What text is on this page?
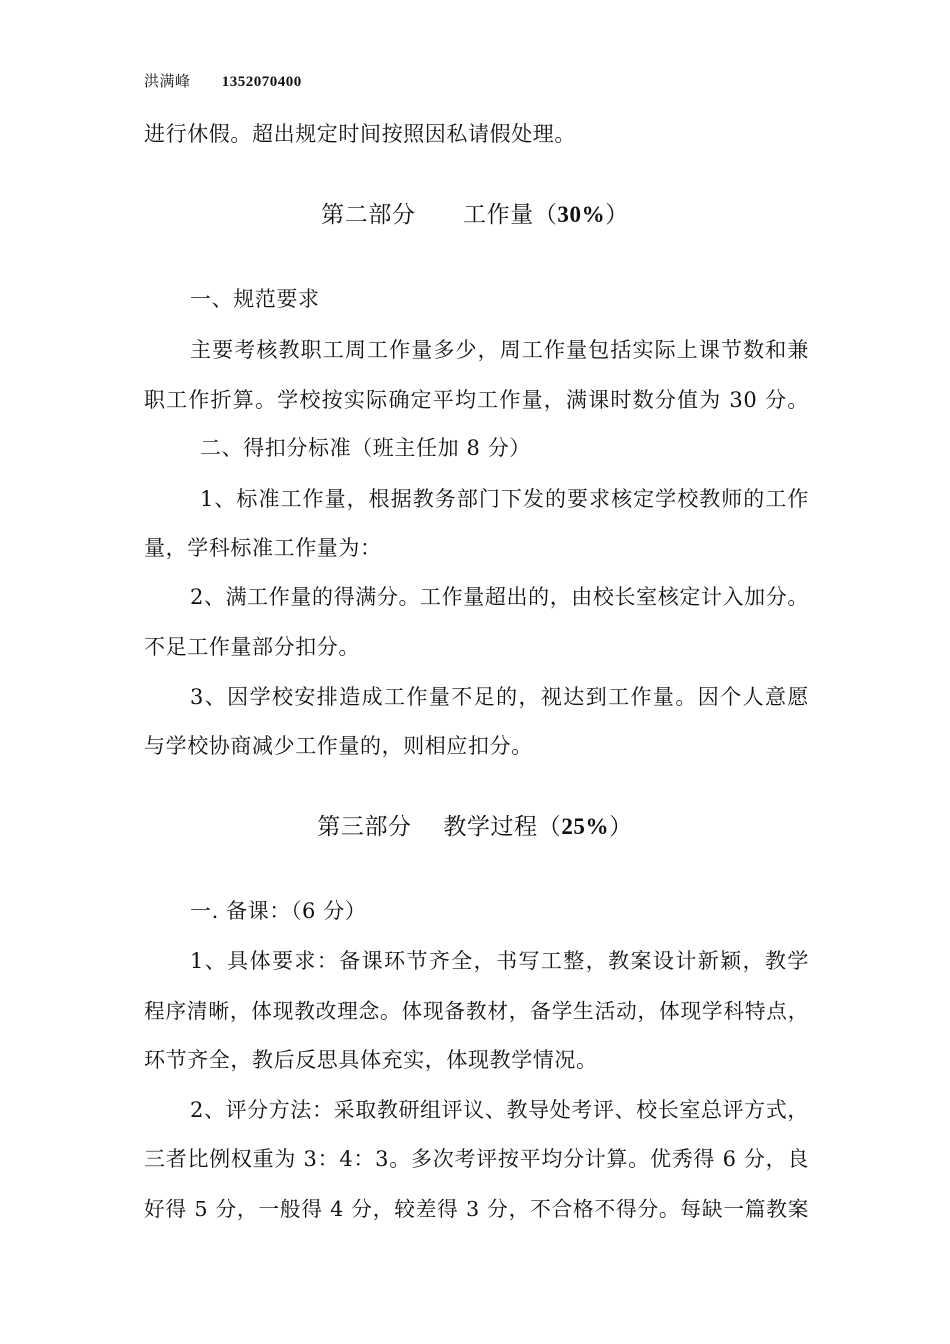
洪满峰 1352070400
进行休假。超出规定时间按照因私请假处理。
第二部分 工作量（30%）
一、规范要求
主要考核教职工周工作量多少，周工作量包括实际上课节数和兼
职工作折算。学校按实际确定平均工作量，满课时数分值为 30 分。
二、得扣分标准（班主任加 8 分）
1、标准工作量，根据教务部门下发的要求核定学校教师的工作
量，学科标准工作量为：
2、满工作量的得满分。工作量超出的，由校长室核定计入加分。
不足工作量部分扣分。
3、因学校安排造成工作量不足的，视达到工作量。因个人意愿
与学校协商减少工作量的，则相应扣分。
第三部分 教学过程（25%）
一. 备课：（6 分）
1、具体要求：备课环节齐全，书写工整，教案设计新颖，教学
程序清晰，体现教改理念。体现备教材，备学生活动，体现学科特点，
环节齐全，教后反思具体充实，体现教学情况。
2、评分方法：采取教研组评议、教导处考评、校长室总评方式，
三者比例权重为 3：4：3。多次考评按平均分计算。优秀得 6 分，良
好得 5 分，一般得 4 分，较差得 3 分，不合格不得分。每缺一篇教案
